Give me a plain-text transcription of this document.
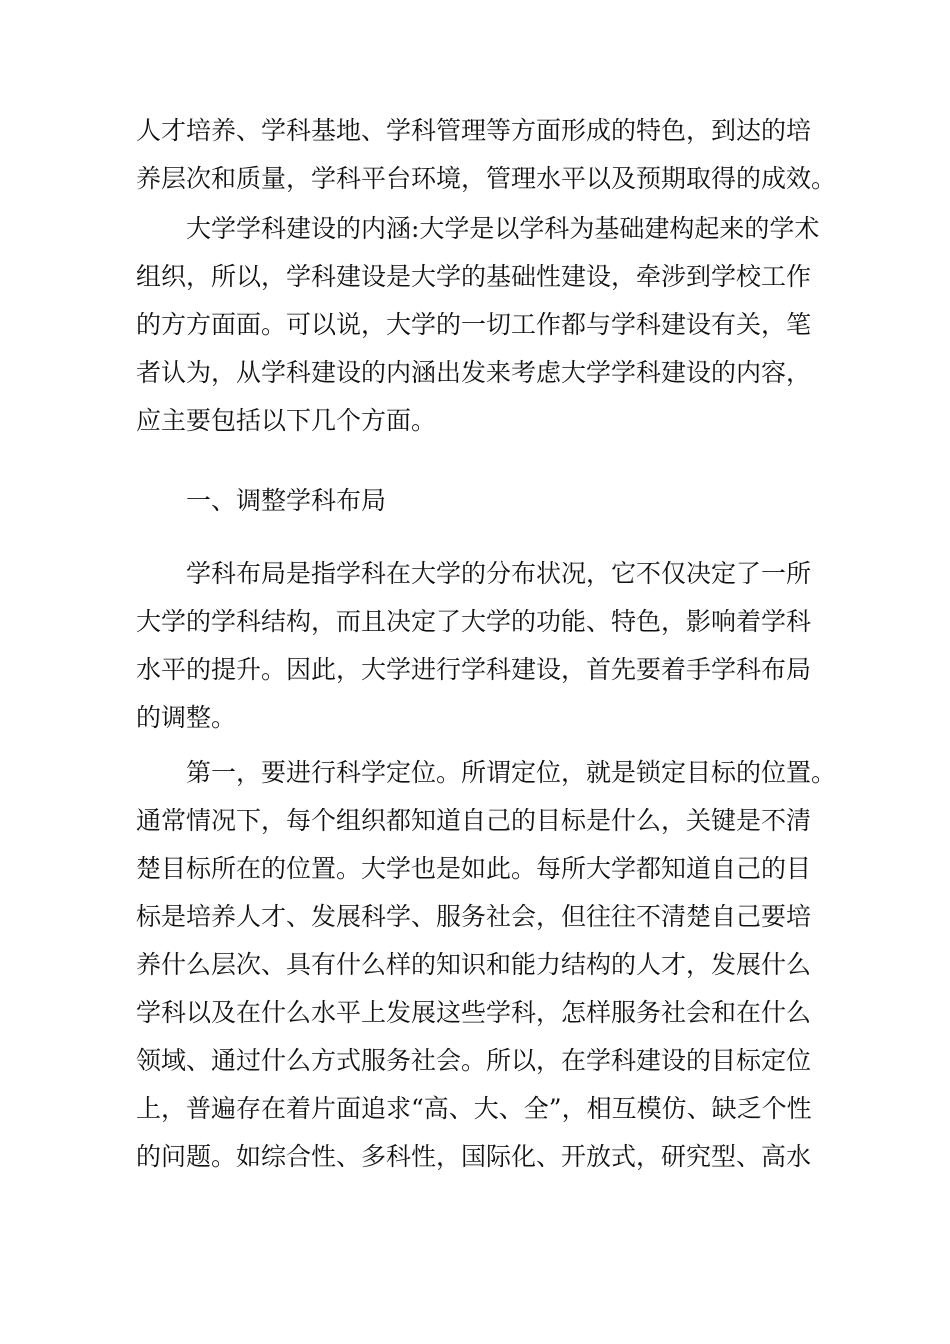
人才培养、学科基地、学科管理等方面形成的特色，到达的培
养层次和质量，学科平台环境，管理水平以及预期取得的成效。
大学学科建设的内涵:大学是以学科为基础建构起来的学术
组织，所以，学科建设是大学的基础性建设，牵涉到学校工作
的方方面面。可以说，大学的一切工作都与学科建设有关，笔
者认为，从学科建设的内涵出发来考虑大学学科建设的内容，
应主要包括以下几个方面。
一、调整学科布局
学科布局是指学科在大学的分布状况，它不仅决定了一所
大学的学科结构，而且决定了大学的功能、特色，影响着学科
水平的提升。因此，大学进行学科建设，首先要着手学科布局
的调整。
第一，要进行科学定位。所谓定位，就是锁定目标的位置。
通常情况下，每个组织都知道自己的目标是什么，关键是不清
楚目标所在的位置。大学也是如此。每所大学都知道自己的目
标是培养人才、发展科学、服务社会，但往往不清楚自己要培
养什么层次、具有什么样的知识和能力结构的人才，发展什么
学科以及在什么水平上发展这些学科，怎样服务社会和在什么
领域、通过什么方式服务社会。所以，在学科建设的目标定位
上，普遍存在着片面追求“高、大、全”，相互模仿、缺乏个性
的问题。如综合性、多科性，国际化、开放式，研究型、高水
